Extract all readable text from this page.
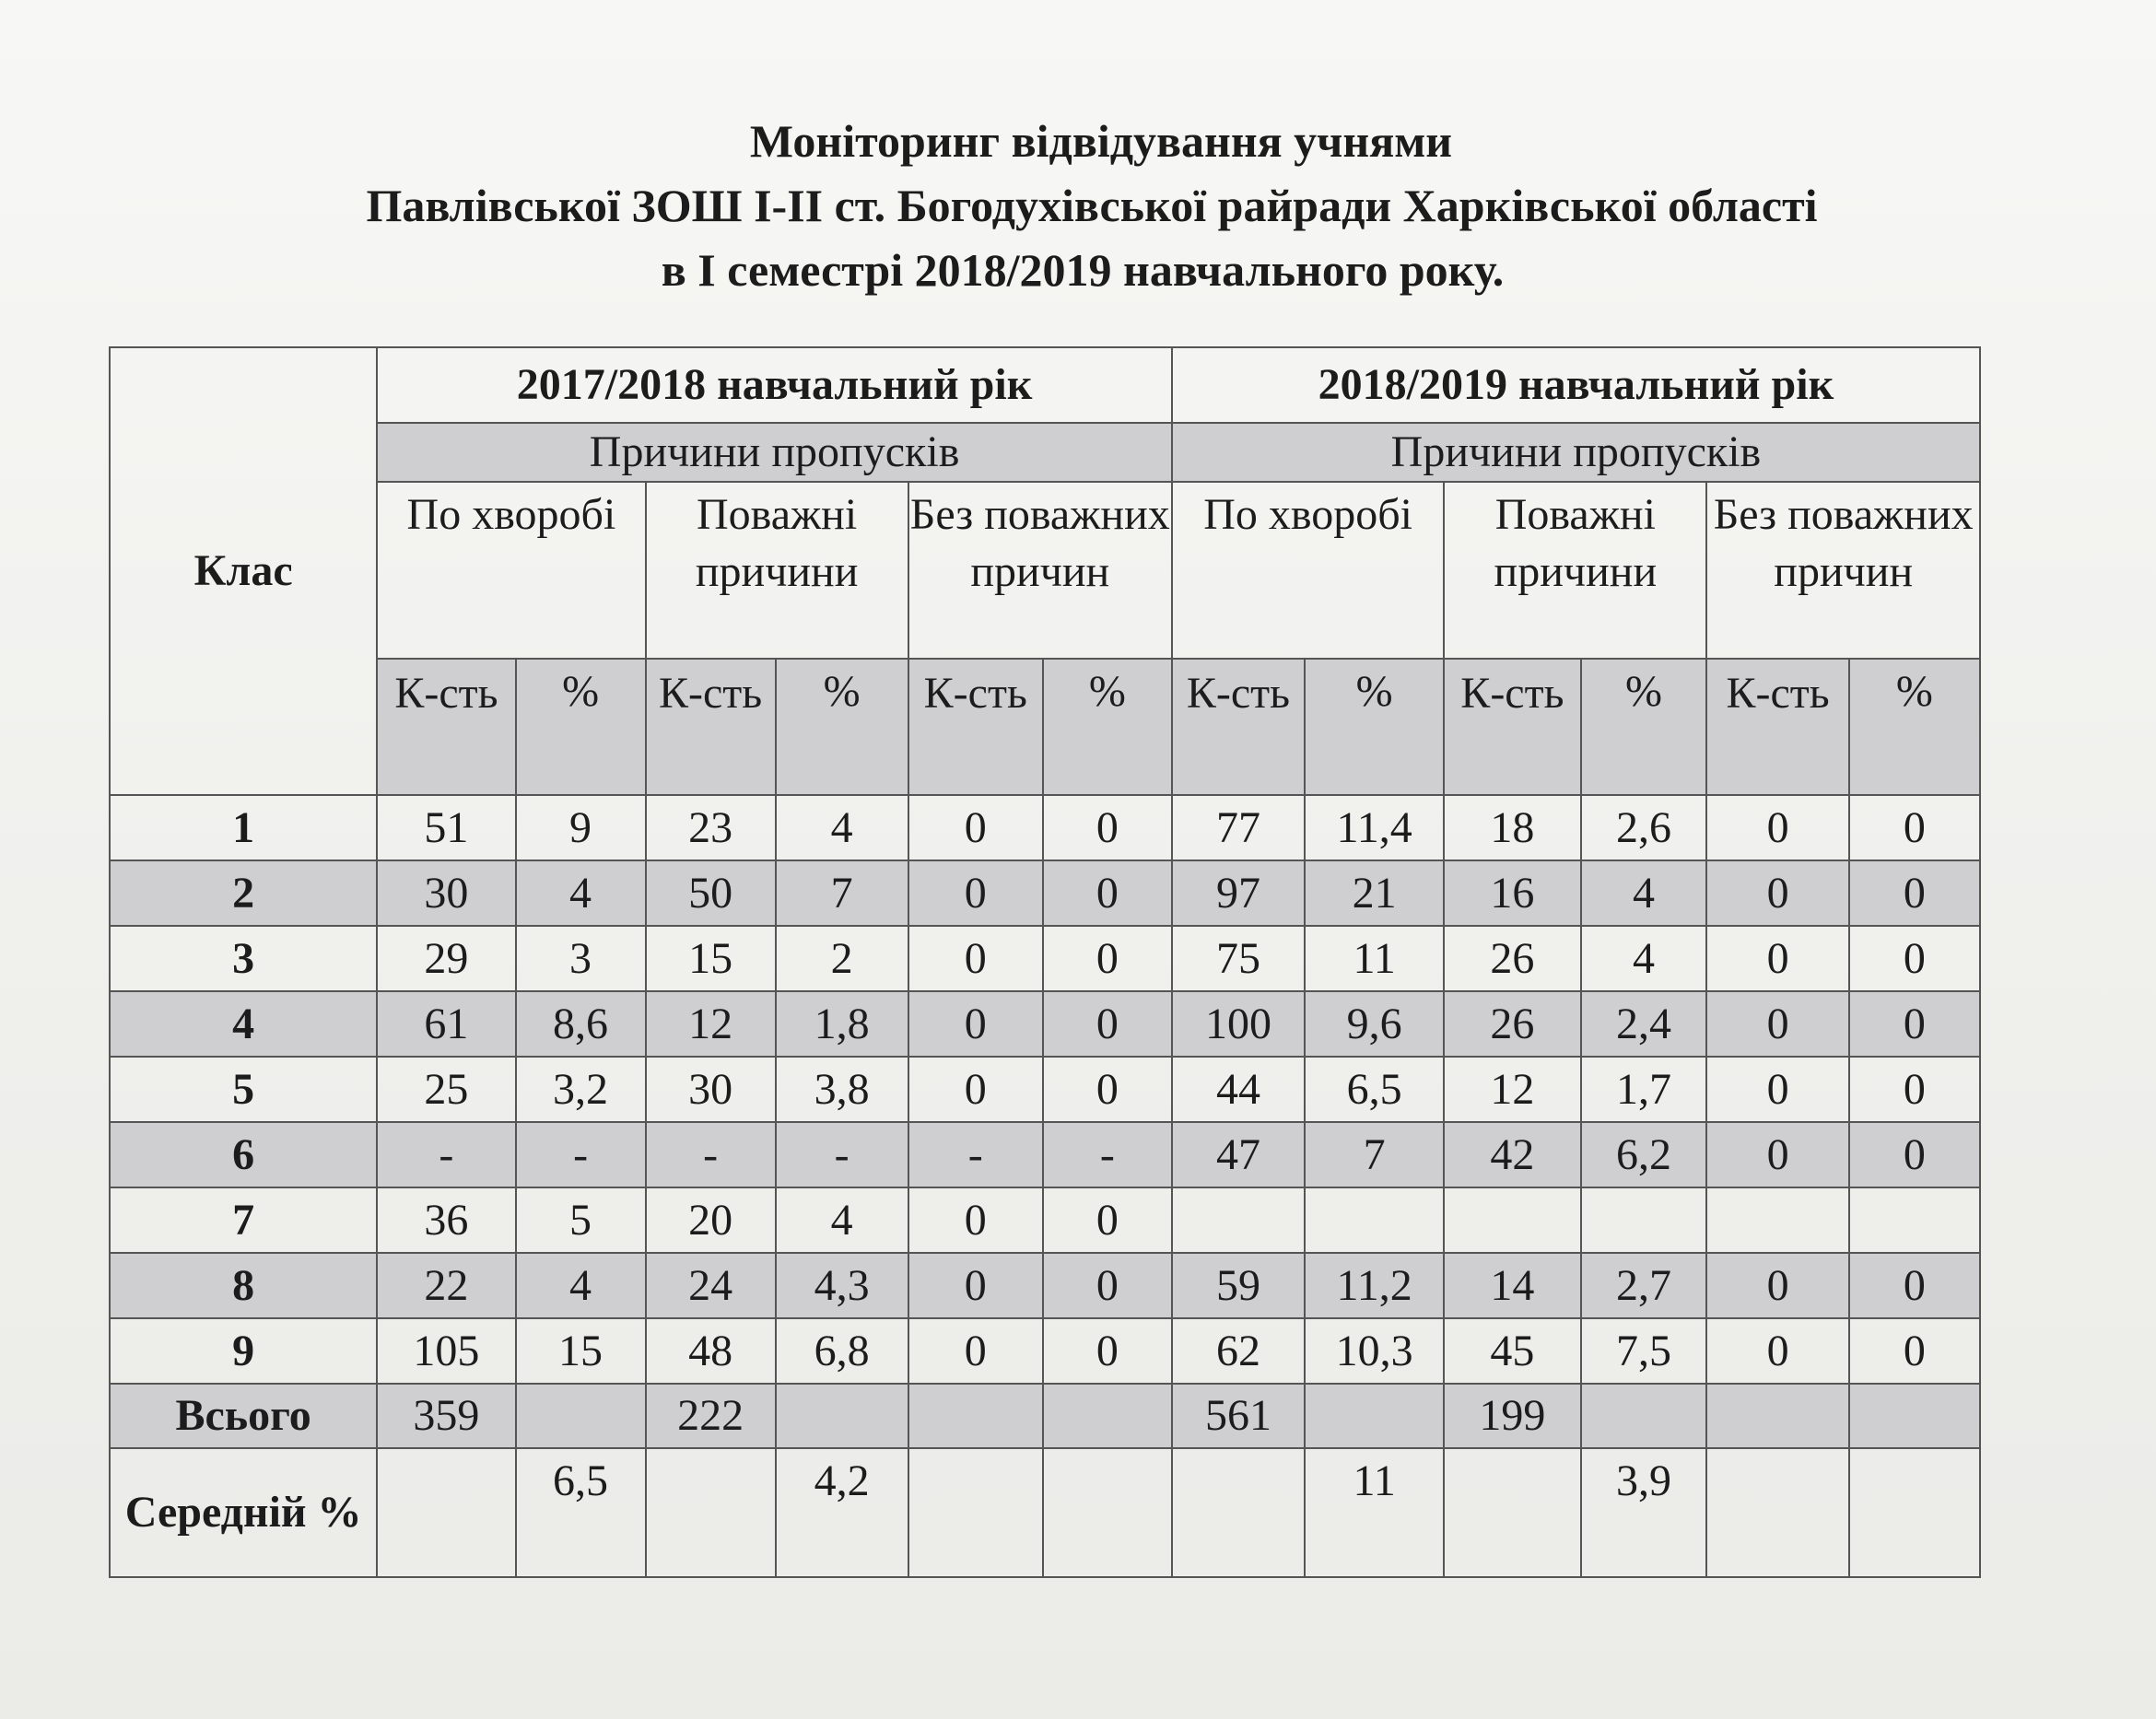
Моніторинг відвідування учнями
Павлівської ЗОШ І-ІІ ст. Богодухівської райради Харківської області
в І семестрі 2018/2019 навчального року.
Клас	2017/2018 навчальний рік						2018/2019 навчальний рік					
	Причини пропусків						Причини пропусків					
	По хворобі		Поважні причини		Без поважних причин		По хворобі		Поважні причини		Без поважних причин	
	К-сть	%	К-сть	%	К-сть	%	К-сть	%	К-сть	%	К-сть	%
1	51	9	23	4	0	0	77	11,4	18	2,6	0	0
2	30	4	50	7	0	0	97	21	16	4	0	0
3	29	3	15	2	0	0	75	11	26	4	0	0
4	61	8,6	12	1,8	0	0	100	9,6	26	2,4	0	0
5	25	3,2	30	3,8	0	0	44	6,5	12	1,7	0	0
6	-	-	-	-	-	-	47	7	42	6,2	0	0
7	36	5	20	4	0	0						
8	22	4	24	4,3	0	0	59	11,2	14	2,7	0	0
9	105	15	48	6,8	0	0	62	10,3	45	7,5	0	0
Всього	359		222				561		199			
Середній %		6,5		4,2				11		3,9		
